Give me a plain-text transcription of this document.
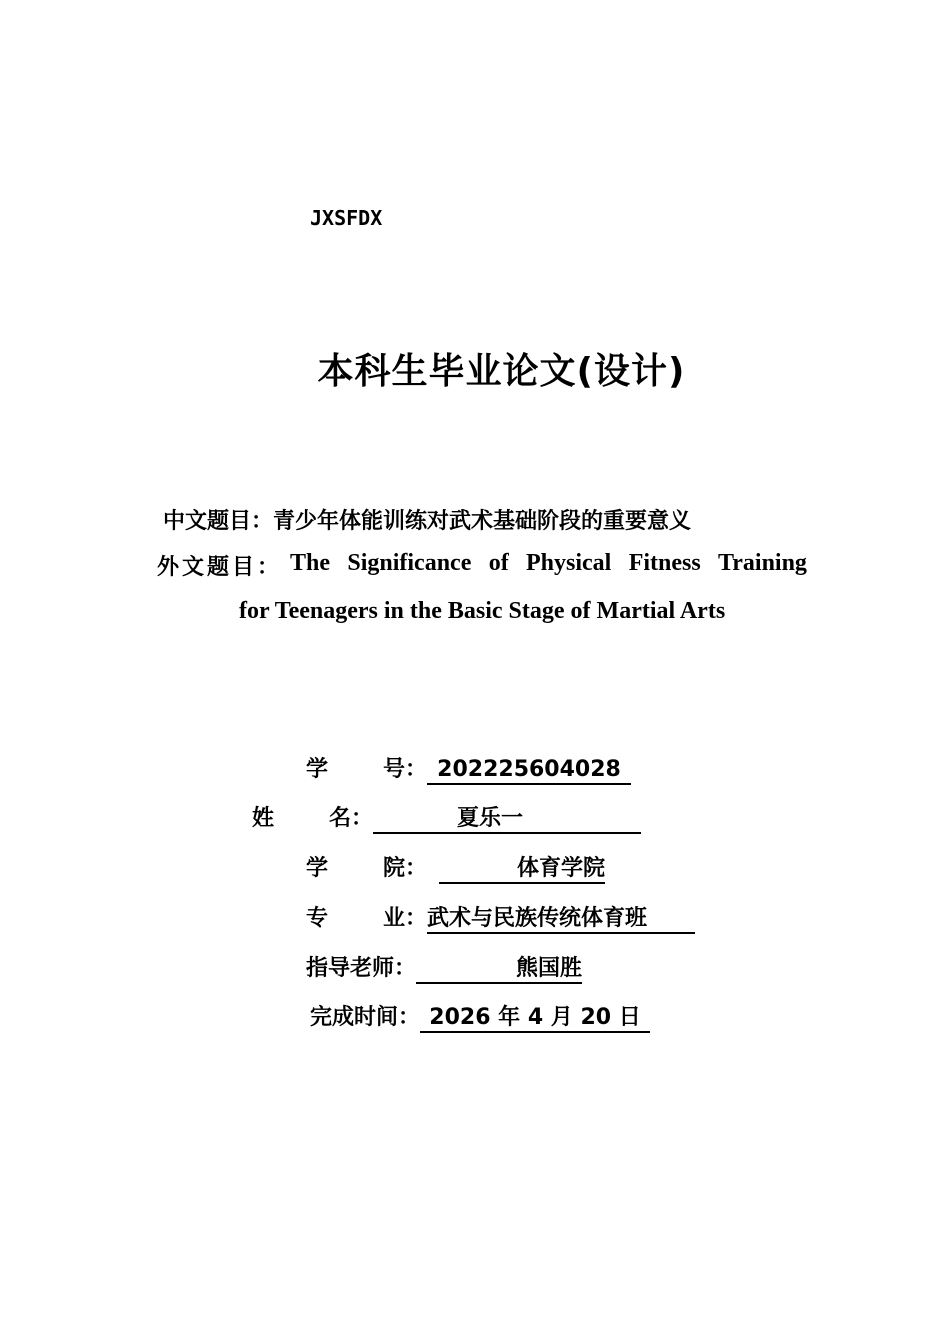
JXSFDX
本科生毕业论文(设计)
中文题目：青少年体能训练对武术基础阶段的重要意义
外文题目： The Significance of Physical Fitness Training
for Teenagers in the Basic Stage of Martial Arts
学 号： 202225604028
姓 名：	夏乐一
学 院：	体育学院
专 业：武术与民族传统体育班
指导老师：	熊国胜
完成时间： 2026 年 4 月 20 日
